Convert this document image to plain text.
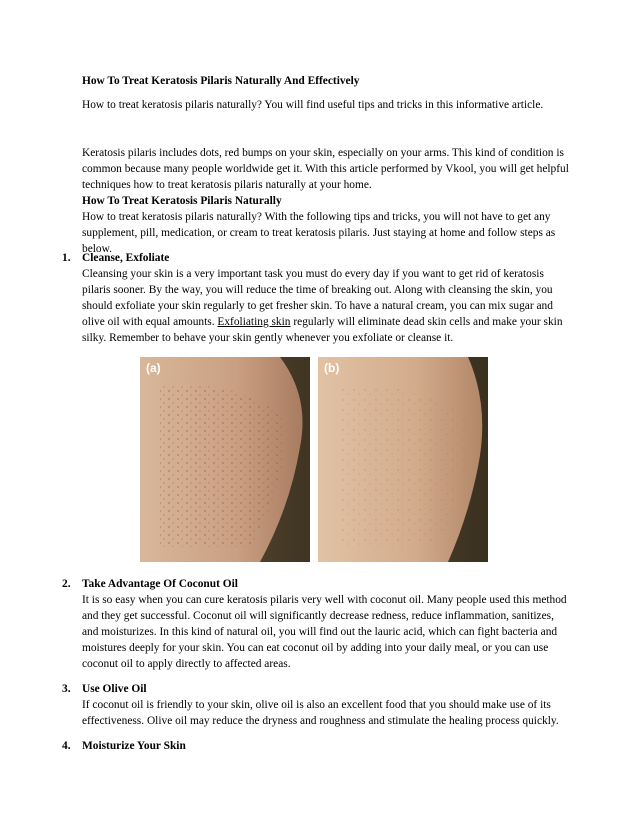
How To Treat Keratosis Pilaris Naturally And Effectively

How to treat keratosis pilaris naturally? You will find useful tips and tricks in this informative article.

Keratosis pilaris includes dots, red bumps on your skin, especially on your arms. This kind of condition is common because many people worldwide get it. With this article performed by Vkool, you will get helpful techniques how to treat keratosis pilaris naturally at your home.

How To Treat Keratosis Pilaris Naturally

How to treat keratosis pilaris naturally? With the following tips and tricks, you will not have to get any supplement, pill, medication, or cream to treat keratosis pilaris. Just staying at home and follow steps as below.

1. Cleanse, Exfoliate

Cleansing your skin is a very important task you must do every day if you want to get rid of keratosis pilaris sooner. By the way, you will reduce the time of breaking out. Along with cleansing the skin, you should exfoliate your skin regularly to get fresher skin. To have a natural cream, you can mix sugar and olive oil with equal amounts. Exfoliating skin regularly will eliminate dead skin cells and make your skin silky. Remember to behave your skin gently whenever you exfoliate or cleanse it.

(a)	(b)
2. Take Advantage Of Coconut Oil

It is so easy when you can cure keratosis pilaris very well with coconut oil. Many people used this method and they get successful. Coconut oil will significantly decrease redness, reduce inflammation, sanitizes, and moisturizes. In this kind of natural oil, you will find out the lauric acid, which can fight bacteria and moistures deeply for your skin. You can eat coconut oil by adding into your daily meal, or you can use coconut oil to apply directly to affected areas.

3. Use Olive Oil

If coconut oil is friendly to your skin, olive oil is also an excellent food that you should make use of its effectiveness. Olive oil may reduce the dryness and roughness and stimulate the healing process quickly.

4. Moisturize Your Skin
